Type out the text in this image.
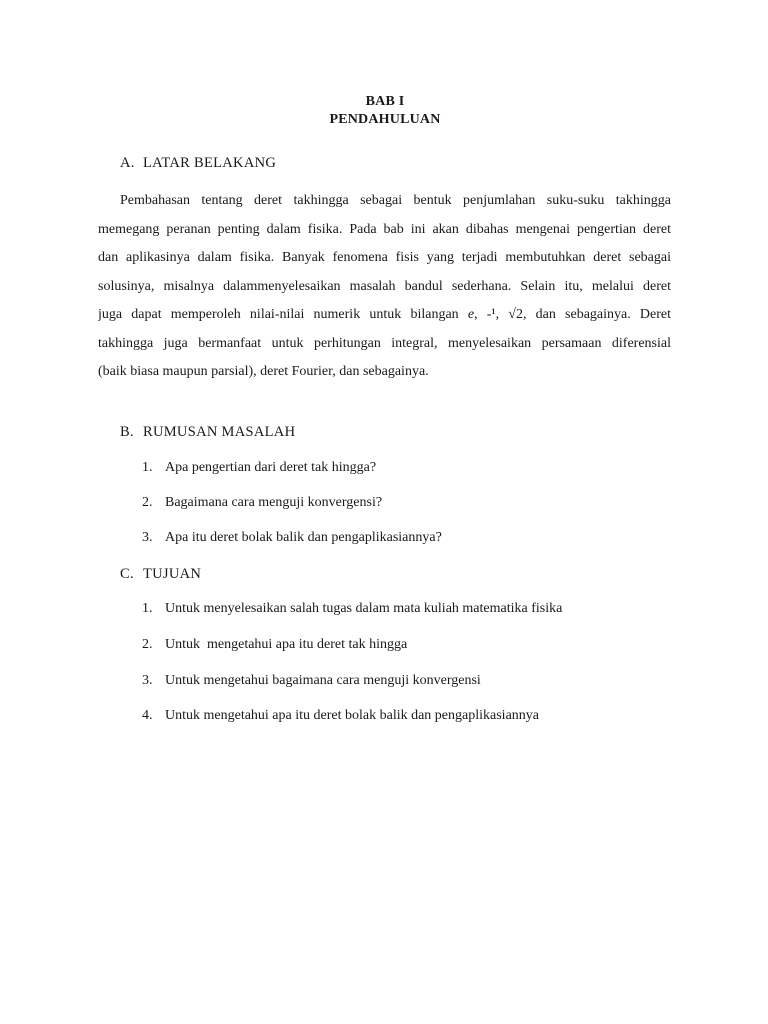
BAB I
PENDAHULUAN
A. LATAR BELAKANG
Pembahasan tentang deret takhingga sebagai bentuk penjumlahan suku-suku takhingga
memegang peranan penting dalam fisika. Pada bab ini akan dibahas mengenai pengertian deret
dan aplikasinya dalam fisika. Banyak fenomena fisis yang terjadi membutuhkan deret sebagai
solusinya, misalnya dalammenyelesaikan masalah bandul sederhana. Selain itu, melalui deret
juga dapat memperoleh nilai-nilai numerik untuk bilangan e, -¹, √2, dan sebagainya. Deret
takhingga juga bermanfaat untuk perhitungan integral, menyelesaikan persamaan diferensial
(baik biasa maupun parsial), deret Fourier, dan sebagainya.
B. RUMUSAN MASALAH
1. Apa pengertian dari deret tak hingga?
2. Bagaimana cara menguji konvergensi?
3. Apa itu deret bolak balik dan pengaplikasiannya?
C. TUJUAN
1. Untuk menyelesaikan salah tugas dalam mata kuliah matematika fisika
2. Untuk  mengetahui apa itu deret tak hingga
3. Untuk mengetahui bagaimana cara menguji konvergensi
4. Untuk mengetahui apa itu deret bolak balik dan pengaplikasiannya
